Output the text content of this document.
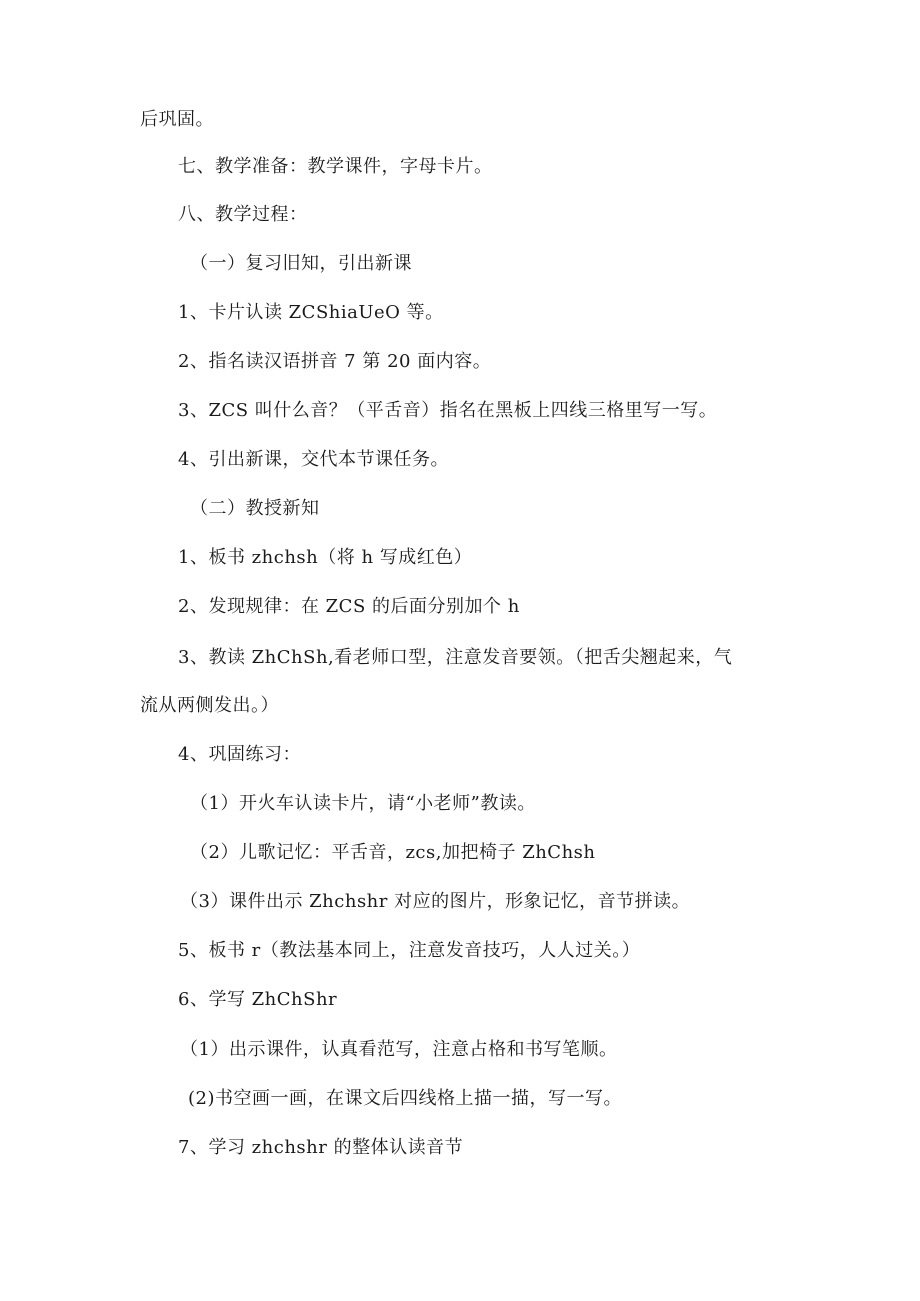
后巩固。
七、教学准备：教学课件，字母卡片。
八、教学过程：
（一）复习旧知，引出新课
1、卡片认读 ZCShiaUeO 等。
2、指名读汉语拼音 7 第 20 面内容。
3、ZCS 叫什么音？（平舌音）指名在黑板上四线三格里写一写。
4、引出新课，交代本节课任务。
（二）教授新知
1、板书 zhchsh（将 h 写成红色）
2、发现规律：在 ZCS 的后面分别加个 h
3、教读 ZhChSh,看老师口型，注意发音要领。（把舌尖翘起来，气
流从两侧发出。）
4、巩固练习：
（1）开火车认读卡片，请“小老师”教读。
（2）儿歌记忆：平舌音，zcs,加把椅子 ZhChsh
（3）课件出示 Zhchshr 对应的图片，形象记忆，音节拼读。
5、板书 r（教法基本同上，注意发音技巧，人人过关。）
6、学写 ZhChShr
（1）出示课件，认真看范写，注意占格和书写笔顺。
(2)书空画一画，在课文后四线格上描一描，写一写。
7、学习 zhchshr 的整体认读音节
